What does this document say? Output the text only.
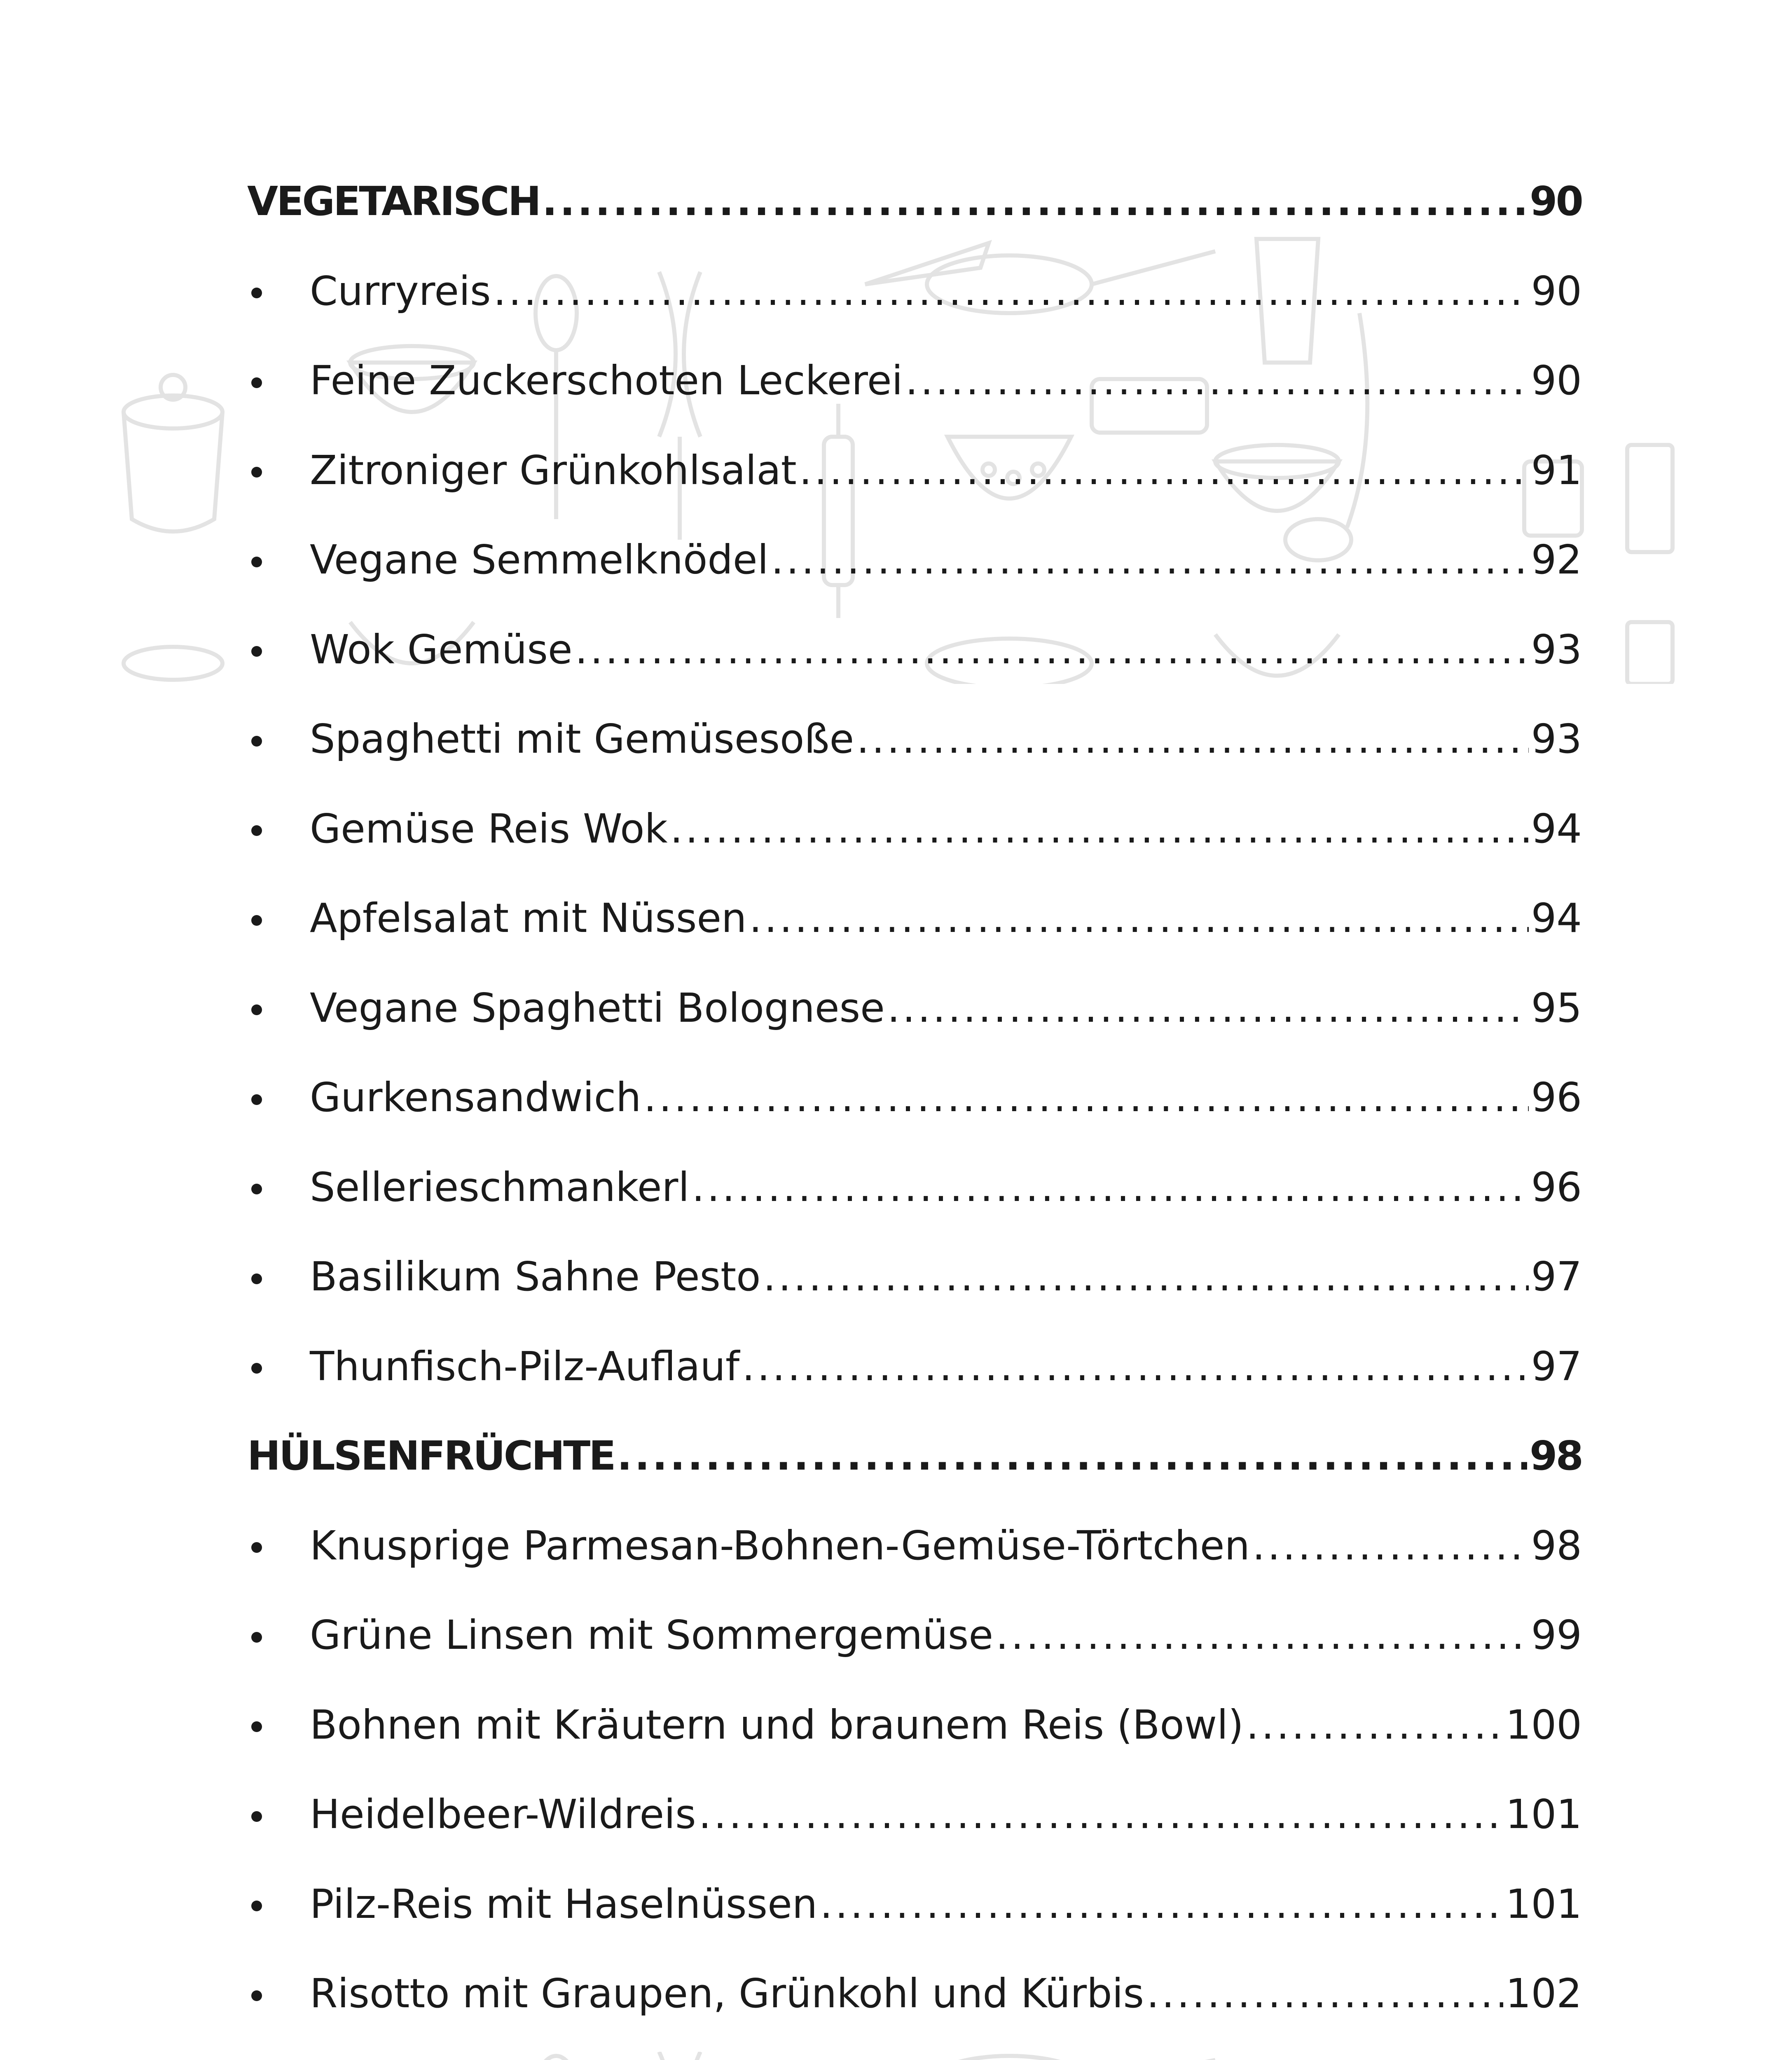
VEGETARISCH .....	90
Curryreis .....	90
Feine Zuckerschoten Leckerei .....	90
Zitroniger Grünkohlsalat .....	91
Vegane Semmelknödel .....	92
Wok Gemüse .....	93
Spaghetti mit Gemüsesoße .....	93
Gemüse Reis Wok .....	94
Apfelsalat mit Nüssen .....	94
Vegane Spaghetti Bolognese .....	95
Gurkensandwich .....	96
Sellerieschmankerl .....	96
Basilikum Sahne Pesto .....	97
Thunfisch-Pilz-Auflauf .....	97
HÜLSENFRÜCHTE .....	98
Knusprige Parmesan-Bohnen-Gemüse-Törtchen .....	98
Grüne Linsen mit Sommergemüse .....	99
Bohnen mit Kräutern und braunem Reis (Bowl) .....	100
Heidelbeer-Wildreis .....	101
Pilz-Reis mit Haselnüssen .....	101
Risotto mit Graupen, Grünkohl und Kürbis .....	102
